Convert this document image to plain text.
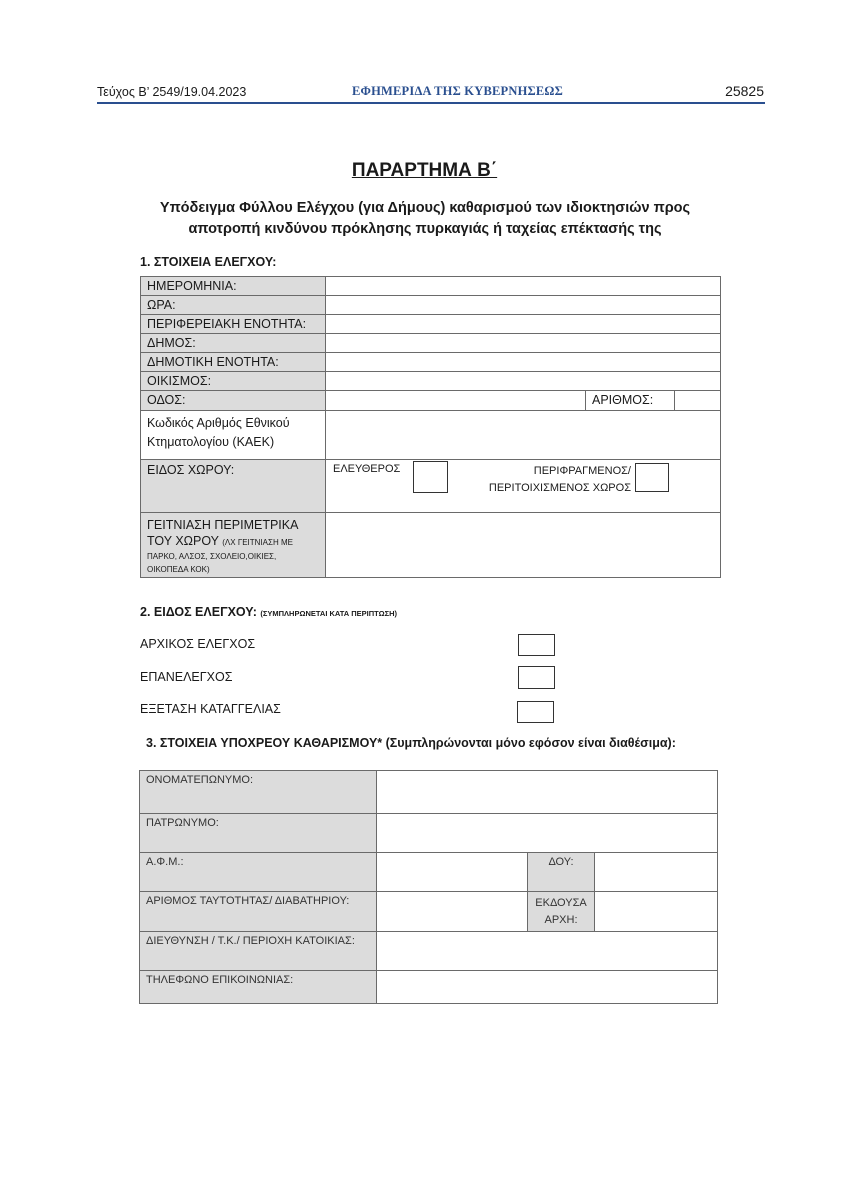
Τεύχος Β’ 2549/19.04.2023	ΕΦΗΜΕΡΙΔΑ ΤΗΣ ΚΥΒΕΡΝΗΣΕΩΣ	25825
ΠΑΡΑΡΤΗΜΑ Β΄
Υπόδειγμα Φύλλου Ελέγχου (για Δήμους) καθαρισμού των ιδιοκτησιών προς
αποτροπή κινδύνου πρόκλησης πυρκαγιάς ή ταχείας επέκτασής της
1. ΣΤΟΙΧΕΙΑ ΕΛΕΓΧΟΥ:
ΗΜΕΡΟΜΗΝΙΑ:			
ΩΡΑ:			
ΠΕΡΙΦΕΡΕΙΑΚΗ ΕΝΟΤΗΤΑ:			
ΔΗΜΟΣ:			
ΔΗΜΟΤΙΚΗ ΕΝΟΤΗΤΑ:			
ΟΙΚΙΣΜΟΣ:			
ΟΔΟΣ:		ΑΡΙΘΜΟΣ:	

Κωδικός Αριθμός Εθνικού
Κτηματολογίου (ΚΑΕΚ)			

ΕΙΔΟΣ ΧΩΡΟΥ:	ΕΛΕΥΘΕΡΟΣ ΠΕΡΙΦΡΑΓΜΕΝΟΣ/
ΠΕΡΙΤΟΙΧΙΣΜΕΝΟΣ ΧΩΡΟΣ		

ΓΕΙΤΝΙΑΣΗ ΠΕΡΙΜΕΤΡΙΚΑ
ΤΟΥ ΧΩΡΟΥ (ΛΧ ΓΕΙΤΝΙΑΣΗ ΜΕ
ΠΑΡΚΟ, ΑΛΣΟΣ, ΣΧΟΛΕΙΟ,ΟΙΚΙΕΣ,
ΟΙΚΟΠΕΔΑ ΚΟΚ)			

2. ΕΙΔΟΣ ΕΛΕΓΧΟΥ: (ΣΥΜΠΛΗΡΩΝΕΤΑΙ ΚΑΤΑ ΠΕΡΙΠΤΩΣΗ)
ΑΡΧΙΚΟΣ ΕΛΕΓΧΟΣ
ΕΠΑΝΕΛΕΓΧΟΣ
ΕΞΕΤΑΣΗ ΚΑΤΑΓΓΕΛΙΑΣ
3. ΣΤΟΙΧΕΙΑ ΥΠΟΧΡΕΟΥ ΚΑΘΑΡΙΣΜΟΥ* (Συμπληρώνονται μόνο εφόσον είναι διαθέσιμα):
ΟΝΟΜΑΤΕΠΩΝΥΜΟ:			
ΠΑΤΡΩΝΥΜΟ:			
Α.Φ.Μ.:		ΔΟΥ:	
ΑΡΙΘΜΟΣ ΤΑΥΤΟΤΗΤΑΣ/ ΔΙΑΒΑΤΗΡΙΟΥ:		ΕΚΔΟΥΣΑ
ΑΡΧΗ:	

ΔΙΕΥΘΥΝΣΗ / Τ.Κ./ ΠΕΡΙΟΧΗ ΚΑΤΟΙΚΙΑΣ:			
ΤΗΛΕΦΩΝΟ ΕΠΙΚΟΙΝΩΝΙΑΣ:			
